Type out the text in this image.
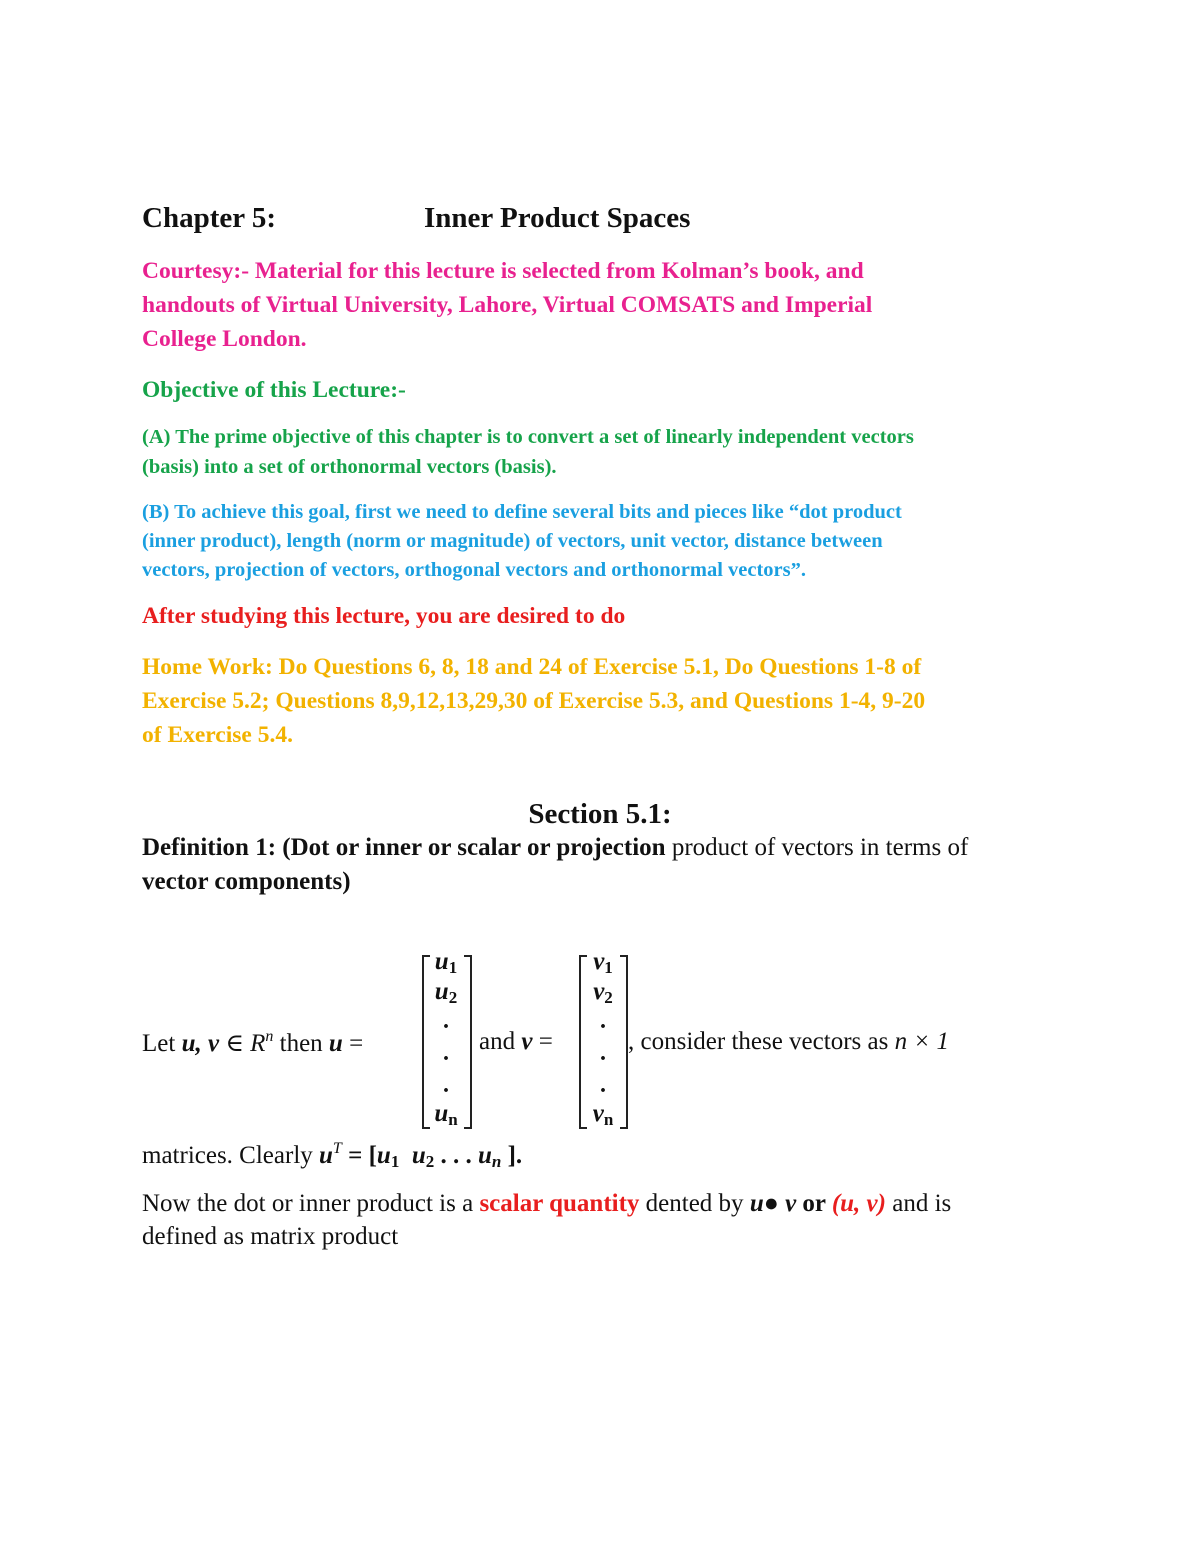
Chapter 5:	Inner Product Spaces
Courtesy:- Material for this lecture is selected from Kolman’s book, and
handouts of Virtual University, Lahore, Virtual COMSATS and Imperial
College London.
Objective of this Lecture:-
(A) The prime objective of this chapter is to convert a set of linearly independent vectors
(basis) into a set of orthonormal vectors (basis).
(B) To achieve this goal, first we need to define several bits and pieces like “dot product
(inner product), length (norm or magnitude) of vectors, unit vector, distance between
vectors, projection of vectors, orthogonal vectors and orthonormal vectors”.
After studying this lecture, you are desired to do
Home Work: Do Questions 6, 8, 18 and 24 of Exercise 5.1, Do Questions 1-8 of
Exercise 5.2; Questions 8,9,12,13,29,30 of Exercise 5.3, and Questions 1-4, 9-20
of Exercise 5.4.
Section 5.1:
Definition 1: (Dot or inner or scalar or projection product of vectors in terms of
vector components)
Let u, v ∈ $R^n$ then u =
$u_1$
$u_2$
.
.
.
$u_n$
and v =
$v_1$
$v_2$
.
.
.
$v_n$
, consider these vectors as n × 1
matrices. Clearly $u^T = [u_1$ $u_2$ . . . $u_n$ ].
Now the dot or inner product is a scalar quantity dented by u● v or (u, v) and is
defined as matrix product
